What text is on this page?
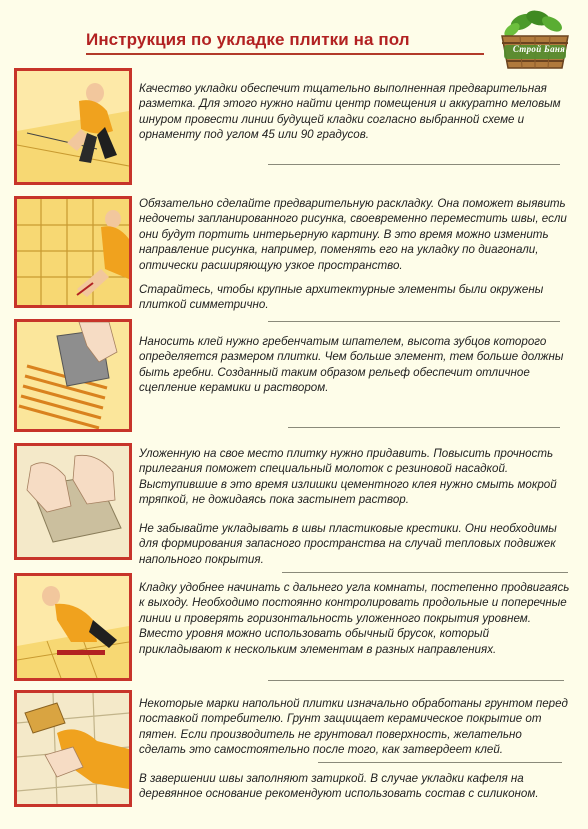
Инструкция по укладке плитки на пол	Строй Баня
Качество укладки обеспечит тщательно выполненная предварительная разметка. Для этого нужно найти центр помещения и аккуратно меловым шнуром провести линии будущей кладки согласно выбранной схеме и орнаменту под углом 45 или 90 градусов.
Обязательно сделайте предварительную раскладку. Она поможет выявить недочеты запланированного рисунка, своевременно переместить швы, если они будут портить интерьерную картину. В это время можно изменить направление рисунка, например, поменять его на укладку по диагонали, оптически расширяющую узкое пространство.
Старайтесь, чтобы крупные архитектурные элементы были окружены плиткой симметрично.
Наносить клей нужно гребенчатым шпателем, высота зубцов которого определяется размером плитки. Чем больше элемент, тем больше должны быть гребни. Созданный таким образом рельеф обеспечит отличное сцепление керамики и раствором.
Уложенную на свое место плитку нужно придавить. Повысить прочность прилегания поможет специальный молоток с резиновой насадкой. Выступившие в это время излишки цементного клея нужно смыть мокрой тряпкой, не дожидаясь пока застынет раствор.
Не забывайте укладывать в швы пластиковые крестики. Они необходимы для формирования запасного пространства на случай тепловых подвижек напольного покрытия.
Кладку удобнее начинать с дальнего угла комнаты, постепенно продвигаясь к выходу. Необходимо постоянно контролировать продольные и поперечные линии и проверять горизонтальность уложенного покрытия уровнем. Вместо уровня можно использовать обычный брусок, который прикладывают к нескольким элементам в разных направлениях.
Некоторые марки напольной плитки изначально обработаны грунтом перед поставкой потребителю. Грунт защищает керамическое покрытие от пятен. Если производитель не грунтовал поверхность, желательно сделать это самостоятельно после того, как затвердеет клей.
В завершении швы заполняют затиркой. В случае укладки кафеля на деревянное основание рекомендуют использовать состав с силиконом.
